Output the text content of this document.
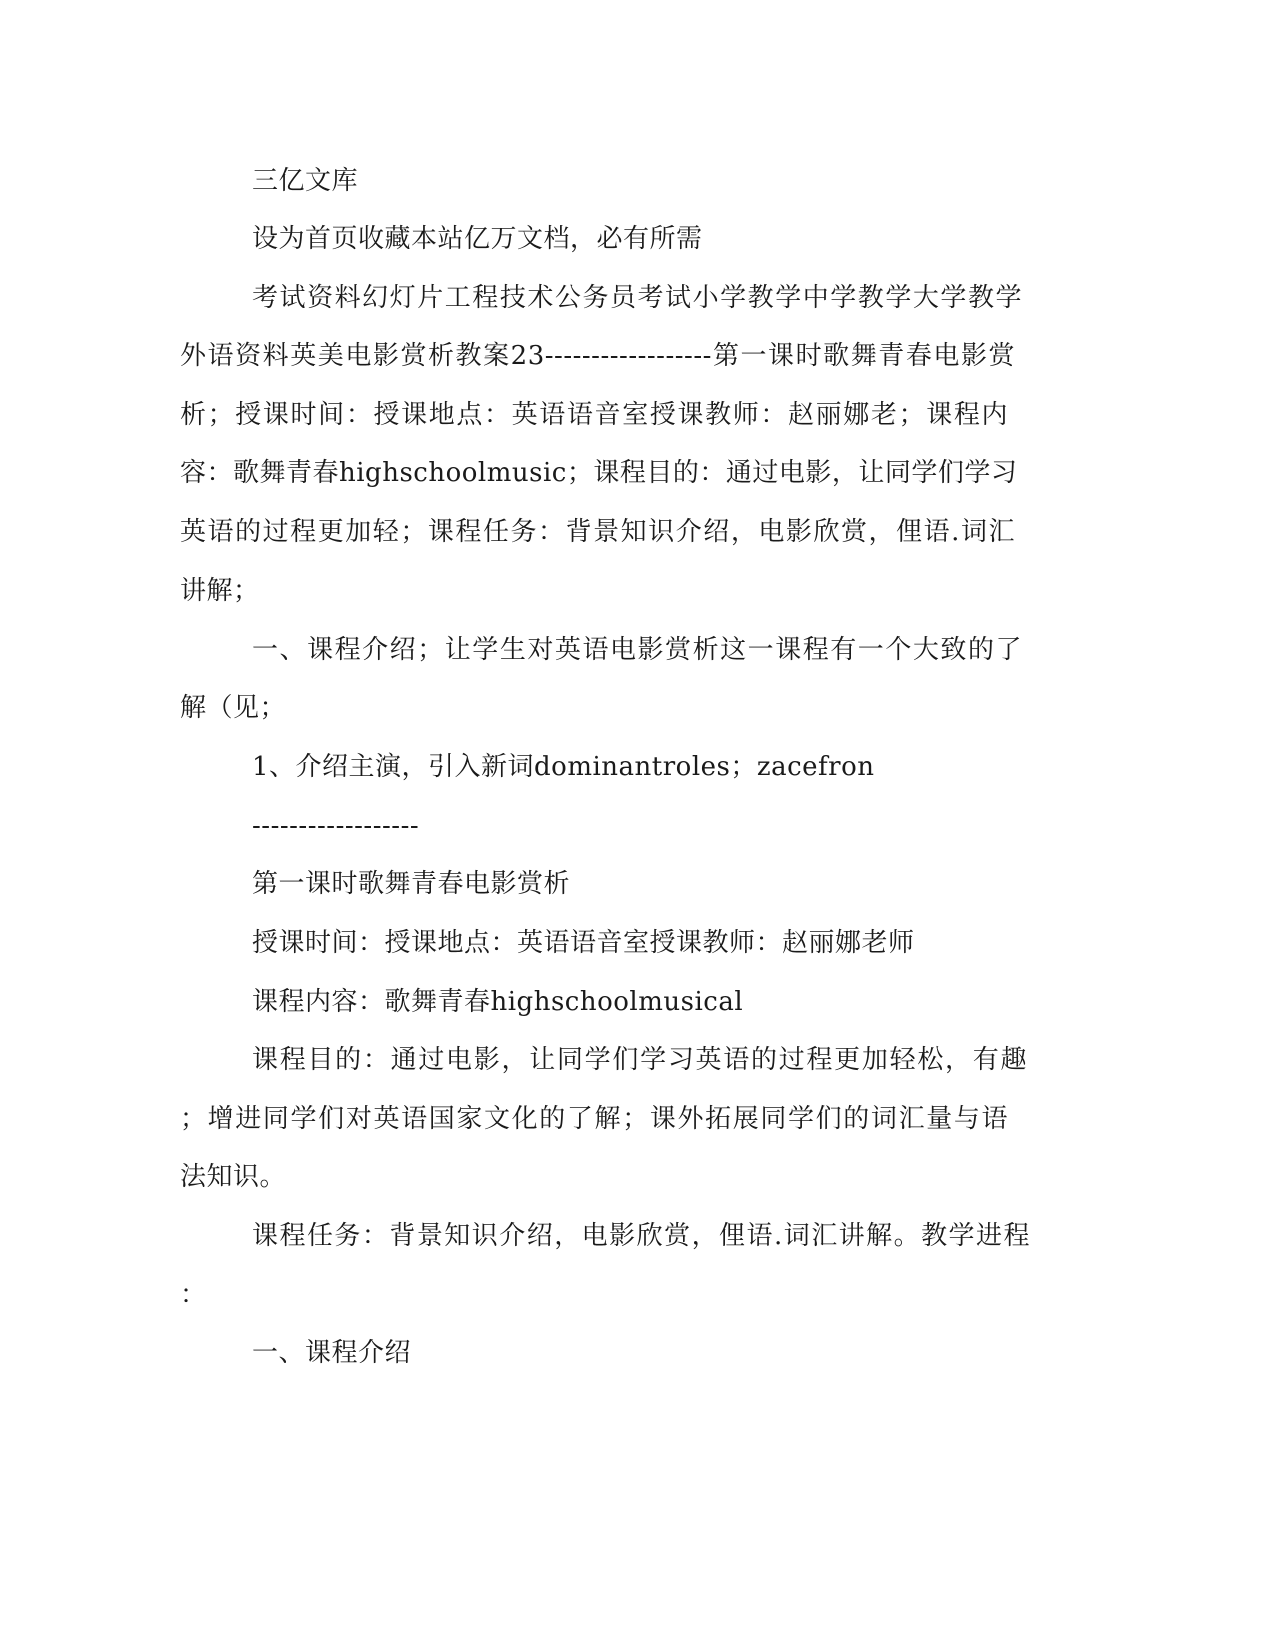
三亿文库
设为首页收藏本站亿万文档，必有所需
考试资料幻灯片工程技术公务员考试小学教学中学教学大学教学
外语资料英美电影赏析教案23------------------第一课时歌舞青春电影赏
析；授课时间：授课地点：英语语音室授课教师：赵丽娜老；课程内
容：歌舞青春highschoolmusic；课程目的：通过电影，让同学们学习
英语的过程更加轻；课程任务：背景知识介绍，电影欣赏，俚语.词汇
讲解；
一、课程介绍；让学生对英语电影赏析这一课程有一个大致的了
解（见；
1、介绍主演，引入新词dominantroles；zacefron
------------------
第一课时歌舞青春电影赏析
授课时间：授课地点：英语语音室授课教师：赵丽娜老师
课程内容：歌舞青春highschoolmusical
课程目的：通过电影，让同学们学习英语的过程更加轻松，有趣
；增进同学们对英语国家文化的了解；课外拓展同学们的词汇量与语
法知识。
课程任务：背景知识介绍，电影欣赏，俚语.词汇讲解。教学进程
：
一、课程介绍
